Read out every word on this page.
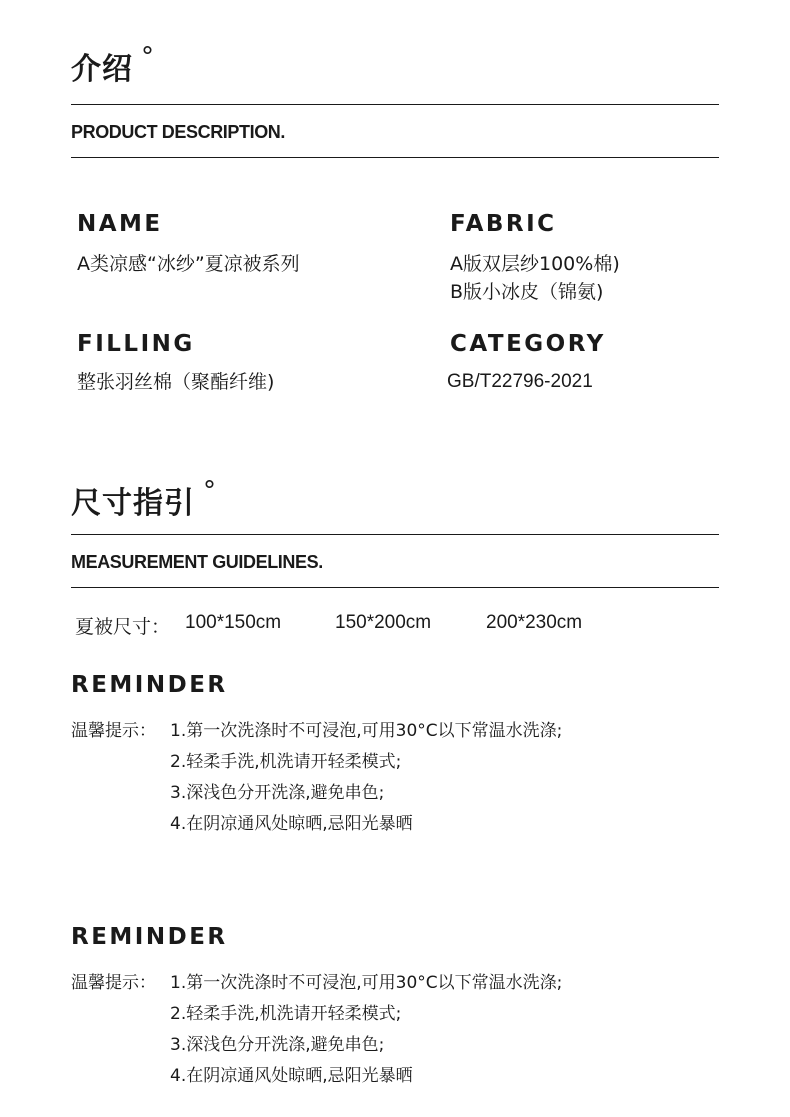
介绍 °
PRODUCT DESCRIPTION.
NAME
A类凉感“冰纱”夏凉被系列
FABRIC
A版双层纱100%棉)
B版小冰皮（锦氨)
FILLING
整张羽丝棉（聚酯纤维)
CATEGORY
GB/T22796-2021
尺寸指引 °
MEASUREMENT GUIDELINES.
夏被尺寸： 100*150cm	150*200cm	200*230cm
REMINDER
温馨提示： 1.第一次洗涤时不可浸泡,可用30°C以下常温水洗涤;
2.轻柔手洗,机洗请开轻柔模式;
3.深浅色分开洗涤,避免串色;
4.在阴凉通风处晾晒,忌阳光暴晒
REMINDER
温馨提示： 1.第一次洗涤时不可浸泡,可用30°C以下常温水洗涤;
2.轻柔手洗,机洗请开轻柔模式;
3.深浅色分开洗涤,避免串色;
4.在阴凉通风处晾晒,忌阳光暴晒
